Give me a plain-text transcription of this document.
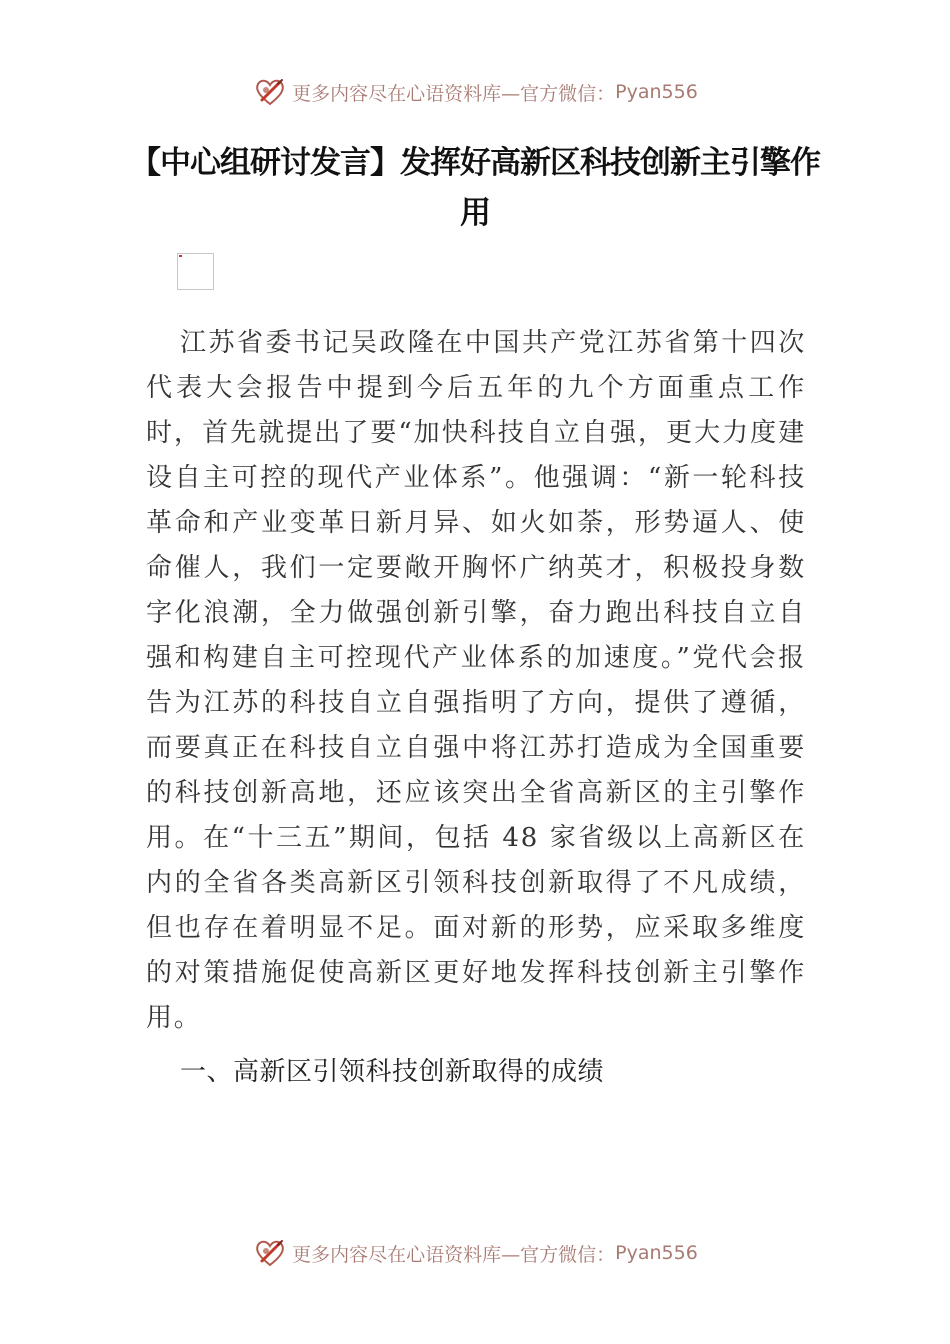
更多内容尽在心语资料库—官方微信： Pyan556
【中心组研讨发言】发挥好高新区科技创新主引擎作用

江苏省委书记吴政隆在中国共产党江苏省第十四次代表大会报告中提到今后五年的九个方面重点工作时，首先就提出了要“加快科技自立自强，更大力度建设自主可控的现代产业体系”。他强调：“新一轮科技革命和产业变革日新月异、如火如荼，形势逼人、使命催人，我们一定要敞开胸怀广纳英才，积极投身数字化浪潮，全力做强创新引擎，奋力跑出科技自立自强和构建自主可控现代产业体系的加速度。”党代会报告为江苏的科技自立自强指明了方向，提供了遵循，而要真正在科技自立自强中将江苏打造成为全国重要的科技创新高地，还应该突出全省高新区的主引擎作用。在“十三五”期间，包括 48 家省级以上高新区在内的全省各类高新区引领科技创新取得了不凡成绩，但也存在着明显不足。面对新的形势，应采取多维度的对策措施促使高新区更好地发挥科技创新主引擎作用。

一、高新区引领科技创新取得的成绩

更多内容尽在心语资料库—官方微信： Pyan556
